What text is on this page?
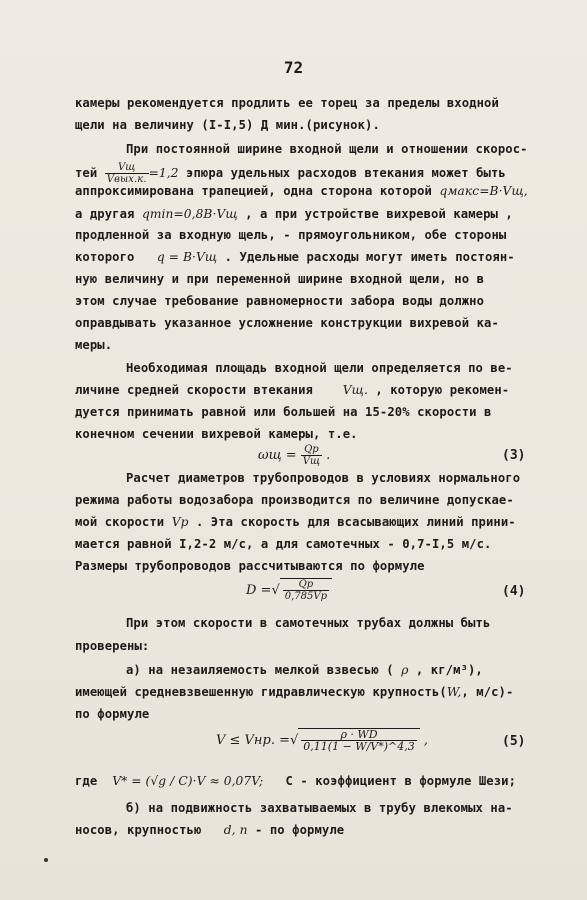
72
камеры рекомендуется продлить ее торец за пределы входной
щели на величину (I-I,5) Д мин.(рисунок).
При постоянной ширине входной щели и отношении скорос-
тей $\frac{Vщ}{\text{Vвых.к.}} =1,2$ эпюра удельных расходов втекания может быть
аппроксимирована трапецией, одна сторона которой qмакс=B·Vщ,
а другая qmin=0,8B·Vщ , а при устройстве вихревой камеры ,
продленной за входную щель, - прямоугольником, обе стороны
которого q = B·Vщ . Удельные расходы могут иметь постоян-
ную величину и при переменной ширине входной щели, но в
этом случае требование равномерности забора воды должно
оправдывать указанное усложнение конструкции вихревой ка-
меры.
Необходимая площадь входной щели определяется по ве-
личине средней скорости втекания Vщ. , которую рекомен-
дуется принимать равной или большей на 15-20% скорости в
конечном сечении вихревой камеры, т.е.
$\omega щ = \frac{Qp}{Vщ}$ .	(3)
Расчет диаметров трубопроводов в условиях нормального
режима работы водозабора производится по величине допускае-
мой скорости Vp . Эта скорость для всасывающих линий прини-
мается равной I,2-2 м/с, а для самотечных - 0,7-I,5 м/с.
Размеры трубопроводов рассчитываются по формуле
D =√ $\frac{Qp}{0,785Vp}$	(4)
При этом скорости в самотечных трубах должны быть
проверены:
а) на незаиляемость мелкой взвесью ( ρ , кг/м³),
имеющей средневзвешенную гидравлическую крупность(W,, м/с)-
по формуле
V ≤ Vнр. =√ $\frac{\rho \cdot WD}{0,11(1 - W/V*)\^{}4,3}$ ,	(5)
где V* = (√g / C)·V ≈ 0,07V; С - коэффициент в формуле Шези;
б) на подвижность захватываемых в трубу влекомых на-
носов, крупностью d, n - по формуле
